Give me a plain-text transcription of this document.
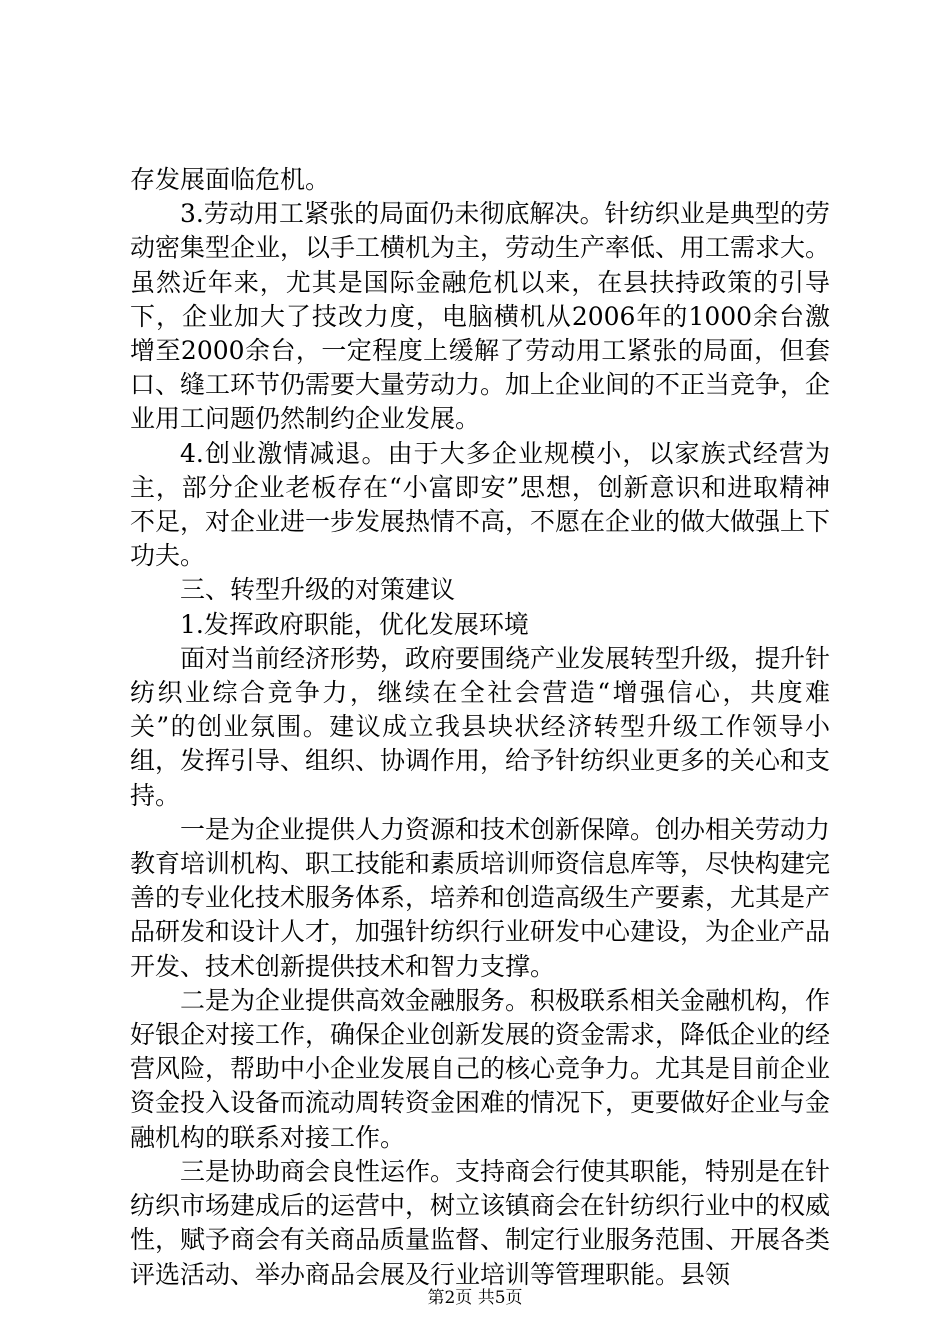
存发展面临危机。

3.劳动用工紧张的局面仍未彻底解决。针纺织业是典型的劳动密集型企业，以手工横机为主，劳动生产率低、用工需求大。虽然近年来，尤其是国际金融危机以来，在县扶持政策的引导下，企业加大了技改力度，电脑横机从2006年的1000余台激增至2000余台，一定程度上缓解了劳动用工紧张的局面，但套口、缝工环节仍需要大量劳动力。加上企业间的不正当竞争，企业用工问题仍然制约企业发展。

4.创业激情减退。由于大多企业规模小，以家族式经营为主，部分企业老板存在“小富即安”思想，创新意识和进取精神不足，对企业进一步发展热情不高，不愿在企业的做大做强上下功夫。

三、转型升级的对策建议

1.发挥政府职能，优化发展环境

面对当前经济形势，政府要围绕产业发展转型升级，提升针纺织业综合竞争力，继续在全社会营造“增强信心，共度难关”的创业氛围。建议成立我县块状经济转型升级工作领导小组，发挥引导、组织、协调作用，给予针纺织业更多的关心和支持。

一是为企业提供人力资源和技术创新保障。创办相关劳动力教育培训机构、职工技能和素质培训师资信息库等，尽快构建完善的专业化技术服务体系，培养和创造高级生产要素，尤其是产品研发和设计人才，加强针纺织行业研发中心建设，为企业产品开发、技术创新提供技术和智力支撑。

二是为企业提供高效金融服务。积极联系相关金融机构，作好银企对接工作，确保企业创新发展的资金需求，降低企业的经营风险，帮助中小企业发展自己的核心竞争力。尤其是目前企业资金投入设备而流动周转资金困难的情况下，更要做好企业与金融机构的联系对接工作。

三是协助商会良性运作。支持商会行使其职能，特别是在针纺织市场建成后的运营中，树立该镇商会在针纺织行业中的权威性，赋予商会有关商品质量监督、制定行业服务范围、开展各类评选活动、举办商品会展及行业培训等管理职能。县领

第2页 共5页
